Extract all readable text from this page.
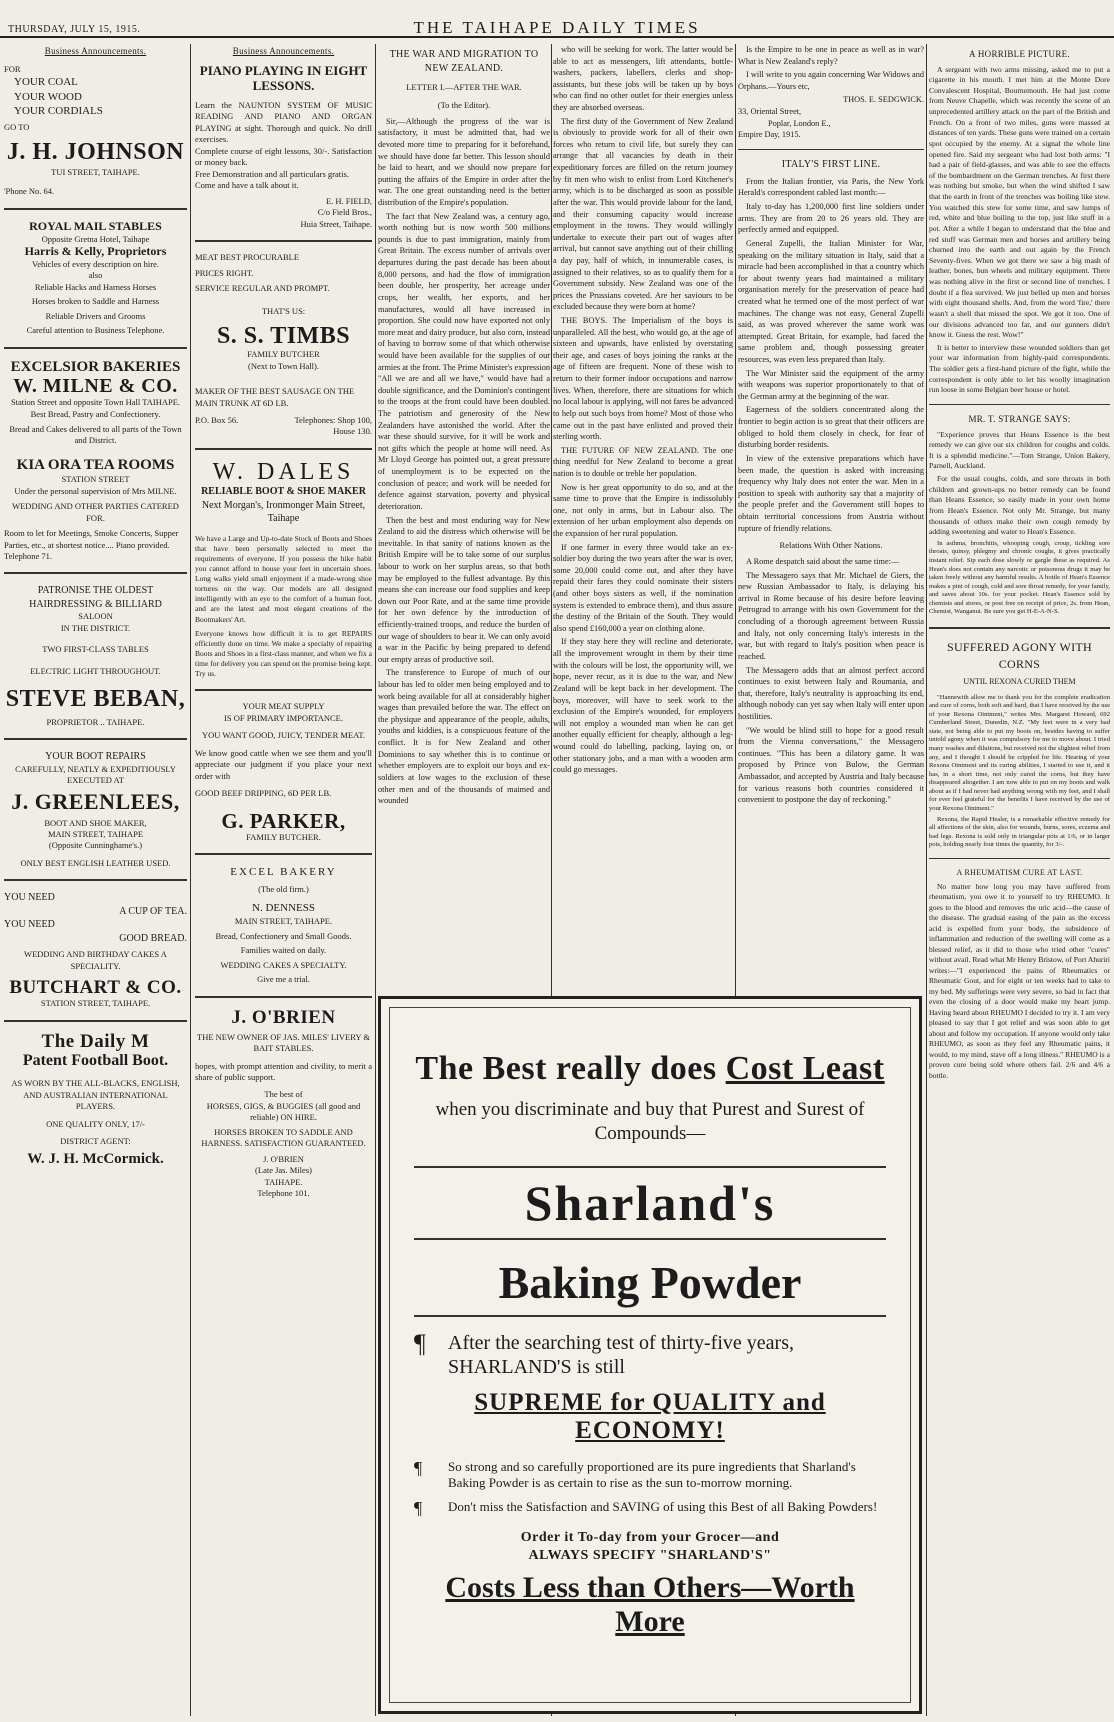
THURSDAY, JULY 15, 1915.	THE TAIHAPE DAILY TIMES
Business Announcements.
FOR
YOUR COAL
YOUR WOOD
YOUR CORDIALS
GO TO
J. H. JOHNSON
TUI STREET, TAIHAPE.
'Phone No. 64.
ROYAL MAIL STABLES
Opposite Gretna Hotel, Taihape
Harris & Kelly, Proprietors
Vehicles of every description on hire.
also
Reliable Hacks and Harness Horses
Horses broken to Saddle and Harness
Reliable Drivers and Grooms
Careful attention to Business Telephone.
EXCELSIOR BAKERIES
W. MILNE & CO.
Station Street and opposite Town Hall TAIHAPE.
Best Bread, Pastry and Confectionery.
Bread and Cakes delivered to all parts of the Town and District.
KIA ORA TEA ROOMS
STATION STREET
Under the personal supervision of Mrs MILNE.
WEDDING AND OTHER PARTIES CATERED FOR.
Room to let for Meetings, Smoke Concerts, Supper Parties, etc., at shortest notice.... Piano provided.
Telephone 71.
PATRONISE THE OLDEST
HAIRDRESSING & BILLIARD
SALOON
IN THE DISTRICT.
TWO FIRST-CLASS TABLES
ELECTRIC LIGHT THROUGHOUT.
STEVE BEBAN,
PROPRIETOR .. TAIHAPE.
YOUR BOOT REPAIRS
CAREFULLY, NEATLY & EXPEDITIOUSLY EXECUTED AT
J. GREENLEES,
BOOT AND SHOE MAKER,
MAIN STREET, TAIHAPE
(Opposite Cunninghame's.)
ONLY BEST ENGLISH LEATHER USED.
YOU NEED
A CUP OF TEA.
YOU NEED
GOOD BREAD.
WEDDING AND BIRTHDAY CAKES A SPECIALITY.
BUTCHART & CO.
STATION STREET, TAIHAPE.
The Daily M
Patent Football Boot.
AS WORN BY THE ALL-BLACKS, ENGLISH, AND AUSTRALIAN INTERNATIONAL PLAYERS.
ONE QUALITY ONLY, 17/-
DISTRICT AGENT:
W. J. H. McCormick.
Business Announcements.
PIANO PLAYING IN EIGHT LESSONS.
Learn the NAUNTON SYSTEM OF MUSIC READING AND PIANO AND ORGAN PLAYING at sight. Thorough and quick. No drill exercises.
Complete course of eight lessons, 30/-. Satisfaction or money back.
Free Demonstration and all particulars gratis.
Come and have a talk about it.
E. H. FIELD,
C/o Field Bros.,
Huia Street, Taihape.
MEAT BEST PROCURABLE
PRICES RIGHT.
SERVICE REGULAR AND PROMPT.
THAT'S US:
S. S. TIMBS
FAMILY BUTCHER
(Next to Town Hall).
MAKER OF THE BEST SAUSAGE ON THE MAIN TRUNK AT 6D LB.
P.O. Box 56.	Telephones: Shop 100, House 130.
W. DALES
RELIABLE BOOT & SHOE MAKER
Next Morgan's, Ironmonger Main Street, Taihape
We have a Large and Up-to-date Stock of Boots and Shoes that have been personally selected to meet the requirements of everyone. If you possess the hike habit you cannot afford to house your feet in uncertain shoes. Long walks yield small enjoyment if a made-wrong shoe tortures on the way. Our models are all designed intelligently with an eye to the comfort of a human foot, and are the latest and most elegant creations of the Bootmakers' Art.
Everyone knows how difficult it is to get REPAIRS efficiently done on time. We make a specialty of repairing Boots and Shoes in a first-class manner, and when we fix a time for delivery you can spend on the promise being kept. Try us.
YOUR MEAT SUPPLY
IS OF PRIMARY IMPORTANCE.
YOU WANT GOOD, JUICY, TENDER MEAT.
We know good cattle when we see them and you'll appreciate our judgment if you place your next order with
GOOD BEEF DRIPPING, 6D PER LB.
G. PARKER,
FAMILY BUTCHER.
EXCEL BAKERY
(The old firm.)
N. DENNESS
MAIN STREET, TAIHAPE.
Bread, Confectionery and Small Goods.
Families waited on daily.
WEDDING CAKES A SPECIALTY.
Give me a trial.
J. O'BRIEN
THE NEW OWNER OF JAS. MILES' LIVERY & BAIT STABLES.
hopes, with prompt attention and civility, to merit a share of public support.
The best of
HORSES, GIGS, & BUGGIES (all good and reliable) ON HIRE.
HORSES BROKEN TO SADDLE AND HARNESS. SATISFACTION GUARANTEED.
J. O'BRIEN
(Late Jas. Miles)
TAIHAPE.
Telephone 101.
THE WAR AND MIGRATION TO NEW ZEALAND.
LETTER I.—AFTER THE WAR.
(To the Editor).

Sir,—Although the progress of the war is satisfactory, it must be admitted that, had we devoted more time to preparing for it beforehand, we should have done far better. This lesson should be laid to heart, and we should now prepare for putting the affairs of the Empire in order after the war. The one great outstanding need is the better distribution of the Empire's population.

The fact that New Zealand was, a century ago, worth nothing but is now worth 500 millions pounds is due to past immigration, mainly from Great Britain. The excess number of arrivals over departures during the past decade has been about 8,000 persons, and had the flow of immigration been double, her prosperity, her acreage under crops, her wealth, her exports, and her manufactures, would all have increased in proportion. She could now have exported not only more meat and dairy produce, but also corn, instead of having to borrow some of that which otherwise would have been available for the supplies of our armies at the front. The Prime Minister's expression "All we are and all we have," would have had a double significance, and the Dominion's contingent to the troops at the front could have been doubled. The patriotism and generosity of the New Zealanders have astonished the world. After the war these should survive, for it will be work and not gifts which the people at home will need. As Mr Lloyd George has pointed out, a great pressure of unemployment is to be expected on the conclusion of peace; and work will be needed for defence against starvation, poverty and physical deterioration.

Then the best and most enduring way for New Zealand to aid the distress which otherwise will be inevitable. In that sanity of nations known as the British Empire will be to take some of our surplus labour to work on her surplus areas, so that both may be employed to the fullest advantage. By this means she can increase our food supplies and keep down our Poor Rate, and at the same time provide for her own defence by the introduction of efficiently-trained troops, and reduce the burden of our wage of shoulders to bear it. We can only avoid a war in the Pacific by being prepared to defend our empty areas of productive soil.

The transference to Europe of much of our labour has led to older men being employed and to work being available for all at considerably higher wages than prevailed before the war. The effect on the physique and appearance of the people, adults, youths and kiddies, is a conspicuous feature of the conflict. It is for New Zealand and other Dominions to say whether this is to continue or whether employers are to exploit our boys and ex-soldiers at low wages to the exclusion of these other men and of the thousands of maimed and wounded

who will be seeking for work. The latter would be able to act as messengers, lift attendants, bottle-washers, packers, labellers, clerks and shop-assistants, but these jobs will be taken up by boys who can find no other outlet for their energies unless they are absorbed overseas.

The first duty of the Government of New Zealand is obviously to provide work for all of their own forces who return to civil life, but surely they can arrange that all vacancies by death in their expeditionary forces are filled on the return journey by fit men who wish to enlist from Lord Kitchener's army, which is to be discharged as soon as possible after the war. This would provide labour for the land, and their consuming capacity would increase employment in the towns. They would willingly undertake to execute their part out of wages after arrival, but cannot save anything out of their chilling a day pay, half of which, in innumerable cases, is assigned to their relatives, so as to qualify them for a Government subsidy. New Zealand was one of the prices the Prussians coveted. Are her saviours to be excluded because they were born at home?

THE BOYS. The Imperialism of the boys is unparalleled. All the best, who would go, at the age of sixteen and upwards, have enlisted by overstating their age, and cases of boys joining the ranks at the age of fifteen are frequent. None of these wish to return to their former indoor occupations and narrow lives. When, therefore, there are situations for which no local labour is applying, will not fares be advanced to help out such boys from home? Most of those who came out in the past have enlisted and proved their sterling worth.

THE FUTURE OF NEW ZEALAND. The one thing needful for New Zealand to become a great nation is to double or treble her population.

Now is her great opportunity to do so, and at the same time to prove that the Empire is indissolubly one, not only in arms, but in Labour also. The extension of her urban employment also depends on the expansion of her rural population.

If one farmer in every three would take an ex-soldier boy during the two years after the war is over, some 20,000 could come out, and after they have repaid their fares they could nominate their sisters (and other boys sisters as well, if the nomination system is extended to embrace them), and thus assure the destiny of the Britain of the South. They would also spend £160,000 a year on clothing alone.

If they stay here they will recline and deteriorate, all the improvement wrought in them by their time with the colours will be lost, the opportunity will, we hope, never recur, as it is due to the war, and New Zealand will be kept back in her development. The boys, moreover, will have to seek work to the exclusion of the Empire's wounded, for employers will not employ a wounded man when he can get another equally efficient for cheaply, although a leg-wound could do labelling, packing, laying on, or other stationary jobs, and a man with a wooden arm could go messages.

Is the Empire to be one in peace as well as in war? What is New Zealand's reply?

I will write to you again concerning War Widows and Orphans.—Yours etc,

THOS. E. SEDGWICK.
33, Oriental Street,
Poplar, London E.,
Empire Day, 1915.
ITALY'S FIRST LINE.

From the Italian frontier, via Paris, the New York Herald's correspondent cabled last month:—

Italy to-day has 1,200,000 first line soldiers under arms. They are from 20 to 26 years old. They are perfectly armed and equipped.

General Zupelli, the Italian Minister for War, speaking on the military situation in Italy, said that a miracle had been accomplished in that a country which for about twenty years had maintained a military organisation merely for the preservation of peace had created what he termed one of the most perfect of war machines. The change was not easy, General Zupelli said, as was proved wherever the same work was attempted. Great Britain, for example, had faced the same problem and, though possessing greater resources, was even less prepared than Italy.

The War Minister said the equipment of the army with weapons was superior proportionately to that of the German army at the beginning of the war.

Eagerness of the soldiers concentrated along the frontier to begin action is so great that their officers are obliged to hold them closely in check, for fear of disturbing border residents.

In view of the extensive preparations which have been made, the question is asked with increasing frequency why Italy does not enter the war. Men in a position to speak with authority say that a majority of the people prefer and the Government still hopes to obtain territorial concessions from Austria without rupture of friendly relations.

Relations With Other Nations.

A Rome despatch said about the same time:—

The Messagero says that Mr. Michael de Giers, the new Russian Ambassador to Italy, is delaying his arrival in Rome because of his desire before leaving Petrograd to arrange with his own Government for the concluding of a thorough agreement between Russia and Italy, not only concerning Italy's interests in the war, but with regard to Italy's position when peace is reached.

The Messagero adds that an almost perfect accord continues to exist between Italy and Roumania, and that, therefore, Italy's neutrality is approaching its end, although nobody can yet say when Italy will enter upon hostilities.

"We would be blind still to hope for a good result from the Vienna conversations," the Messagero continues. "This has been a dilatory game. It was proposed by Prince von Bulow, the German Ambassador, and accepted by Austria and Italy because for various reasons both countries considered it convenient to postpone the day of reckoning."

A HORRIBLE PICTURE.

A sergeant with two arms missing, asked me to put a cigarette in his mouth. I met him at the Monte Dore Convalescent Hospital, Bournemouth. He had just come from Neuve Chapelle, which was recently the scene of an unprecedented artillery attack on the part of the British and French. On a front of two miles, guns were massed at distances of ten yards. These guns were trained on a certain spot occupied by the enemy. At a signal the whole line opened fire. Said my sergeant who had lost both arms: "I had a pair of field-glasses, and was able to see the effects of the bombardment on the German trenches. At first there was nothing but smoke, but when the wind shifted I saw that the earth in front of the trenches was boiling like stew. You watched this stew for some time, and saw lumps of red, white and blue boiling to the top, just like stuff in a pot. After a while I began to understand that the blue and red stuff was German men and horses and artillery being churned into the earth and out again by the French Seventy-fives. When we got there we saw a big mash of leather, bones, bun wheels and military equipment. There was nothing alive in the first or second line of trenches. I doubt if a flea survived. We just belled up men and horses with eight thousand shells. And, from the word 'fire,' there wasn't a shell that missed the spot. We got it too. One of our divisions advanced too far, and our gunners didn't know it. Guess the rest. Wow!"

It is better to interview these wounded soldiers than get your war information from highly-paid correspondents. The soldier gets a first-hand picture of the fight, while the correspondent is only able to let his woolly imagination run loose in some Belgian beer house or hotel.

MR. T. STRANGE SAYS:

"Experience proves that Heans Essence is the best remedy we can give our six children for coughs and colds. It is a splendid medicine."—Tom Strange, Union Bakery, Parnell, Auckland.

For the usual coughs, colds, and sore throats in both children and grown-ups no better remedy can be found than Heans Essence, so easily made in your own home from Hean's Essence. Not only Mr. Strange, but many thousands of others make their own cough remedy by adding sweetening and water to Hean's Essence.

In asthma, bronchitis, whooping cough, croup, tickling sore throats, quinsy, phlegmy and chronic coughs, it gives practically instant relief. Sip each dose slowly or gargle these as required. As Hean's does not contain any narcotic or poisonous drugs it may be taken freely without any harmful results. A bottle of Hean's Essence makes a pint of cough, cold and sore throat remedy, for your family, and saves about 10s. for your pocket. Hean's Essence sold by chemists and stores, or post free on receipt of price, 2s. from Hean, Chemist, Wanganui. Be sure you get H-E-A-N-S.

SUFFERED AGONY WITH CORNS
UNTIL REXONA CURED THEM

"Hannewith allow me to thank you for the complete eradication and cure of corns, both soft and hard, that I have received by the use of your Rexona Ointment," writes Mrs. Margaret Howard, 692 Cumberland Street, Dunedin, N.Z. "My feet were in a very bad state, not being able to put my boots on, besides having to suffer untold agony when it was compulsory for me to move about. I tried many washes and dilutions, but received not the slightest relief from any, and I thought I should be crippled for life. Hearing of your Rexona Ointment and its curing abilities, I started to use it, and it has, in a short time, not only cured the corns, but they have disappeared altogether. I am now able to put on my boots and walk about as if I had never had anything wrong with my feet, and I shall for ever feel grateful for the benefits I have received by the use of your Rexona Ointment."

Rexona, the Rapid Healer, is a remarkable effective remedy for all affections of the skin, also for wounds, burns, sores, eczema and bad legs. Rexona is sold only in triangular pots at 1/6, or in larger pots, holding nearly four times the quantity, for 3/-.

A RHEUMATISM CURE AT LAST.

No matter how long you may have suffered from rheumatism, you owe it to yourself to try RHEUMO. It goes to the blood and removes the uric acid—the cause of the disease. The gradual easing of the pain as the excess acid is expelled from your body, the subsidence of inflammation and reduction of the swelling will come as a blessed relief, as it did to those who tried other "cures" without avail. Read what Mr Henry Bristow, of Port Ahuriri writes:—"I experienced the pains of Rheumatics or Rheumatic Gout, and for eight or ten weeks had to take to my bed. My sufferings were very severe, so bad in fact that even the closing of a door would make my heart jump. Having heard about RHEUMO I decided to try it. I am very pleased to say that I got relief and was soon able to get about and follow my occupation. If anyone would only take RHEUMO, as soon as they feel any Rheumatic pains, it would, to my mind, stave off a long illness." RHEUMO is a proven cure being sold where others fail. 2/6 and 4/6 a bottle.

The Best really does Cost Least
when you discriminate and buy that Purest and Surest of Compounds—
Sharland's
Baking Powder
¶	After the searching test of thirty-five years, SHARLAND'S is still
SUPREME for QUALITY and ECONOMY!
¶	So strong and so carefully proportioned are its pure ingredients that Sharland's Baking Powder is as certain to rise as the sun to-morrow morning.
¶	Don't miss the Satisfaction and SAVING of using this Best of all Baking Powders!
Order it To-day from your Grocer—and
ALWAYS SPECIFY "SHARLAND'S"
Costs Less than Others—Worth More
